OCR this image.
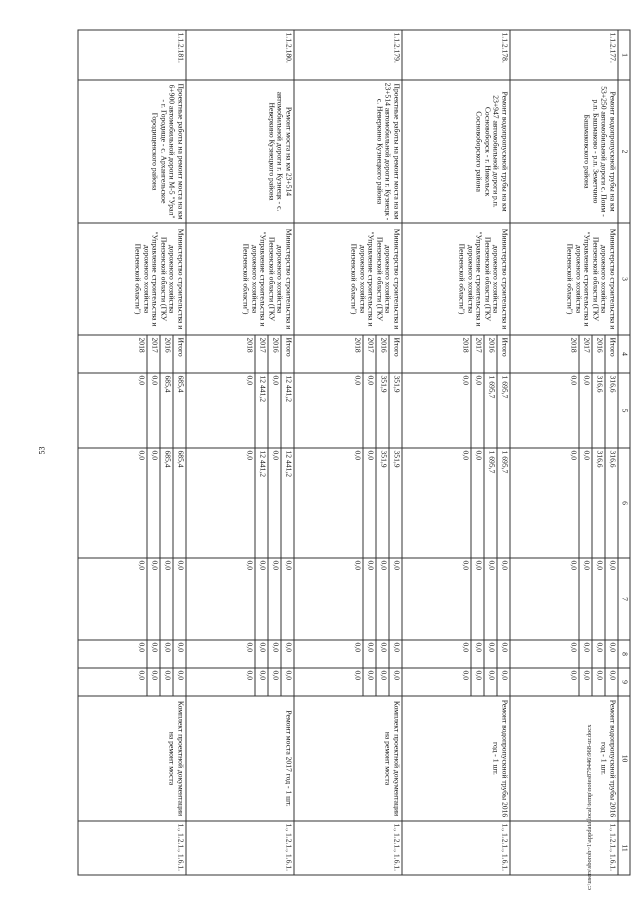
53
1	2	3	4	5	6	7	8	9	10	11
1.1.2.177.	Ремонт водопропускной трубы на км 53+250 автомобильной дороги с. Поим - р.п. Башмаково - р.п. Земетчино Башмаковского района	Министерство строительства и дорожного хозяйства Пензенской области (ГКУ "Управление строительства и дорожного хозяйства Пензенской области")	Итого	316,6	316,6	0,0	0,0	0,0	Ремонт водопропускной трубы 2016 год - 1 шт.	1., 1.2.1., 1.6.1.
			2016	316,6	316,6	0,0	0,0	0,0		
			2017	0,0	0,0	0,0	0,0	0,0		
			2018	0,0	0,0	0,0	0,0	0,0		
1.1.2.178.	Ремонт водопропускной трубы на км 23+947 автомобильной дороги р.п. Сосновоборск - г. Никольск Сосновоборского района	Министерство строительства и дорожного хозяйства Пензенской области (ГКУ "Управление строительства и дорожного хозяйства Пензенской области")	Итого	1 695,7	1 695,7	0,0	0,0	0,0	Ремонт водопропускной трубы 2016 год - 1 шт.	1., 1.2.1., 1.6.1.
			2016	1 695,7	1 695,7	0,0	0,0	0,0		
			2017	0,0	0,0	0,0	0,0	0,0		
			2018	0,0	0,0	0,0	0,0	0,0		
1.1.2.179.	Проектные работы на ремонт моста на км 23+514 автомобильной дороги г. Кузнецк - с. Неверкино Кузнецкого района	Министерство строительства и дорожного хозяйства Пензенской области (ГКУ "Управление строительства и дорожного хозяйства Пензенской области")	Итого	351,9	351,9	0,0	0,0	0,0	Комплект проектной документации на ремонт моста	1., 1.2.1., 1.6.1.
			2016	351,9	351,9	0,0	0,0	0,0		
			2017	0,0	0,0	0,0	0,0	0,0		
			2018	0,0	0,0	0,0	0,0	0,0		
1.1.2.180.	Ремонт моста на км 23+514 автомобильной дороги г. Кузнецк - с. Неверкино Кузнецкого района	Министерство строительства и дорожного хозяйства Пензенской области (ГКУ "Управление строительства и дорожного хозяйства Пензенской области")	Итого	12 441,2	12 441,2	0,0	0,0	0,0	Ремонт моста 2017 год - 1 шт.	1., 1.2.1., 1.6.1.
			2016	0,0	0,0	0,0	0,0	0,0		
			2017	12 441,2	12 441,2	0,0	0,0	0,0		
			2018	0,0	0,0	0,0	0,0	0,0		
1.1.2.181.	Проектные работы на ремонт моста на км 6+900 автомобильной дороги М-5 "Урал" - г. Городище - с. Архангельское Городищенского района	Министерство строительства и дорожного хозяйства Пензенской области (ГКУ "Управление строительства и дорожного хозяйства Пензенской области")	Итого	685,4	685,4	0,0	0,0	0,0	Комплект проектной документации на ремонт моста	1., 1.2.1., 1.6.1.
			2016	685,4	685,4	0,0	0,0	0,0		
			2017	0,0	0,0	0,0	0,0	0,0		
			2018	0,0	0,0	0,0	0,0	0,0		
c:\users\sboroh~1\appdata\local\temp\notes879446\968-ur.docx
